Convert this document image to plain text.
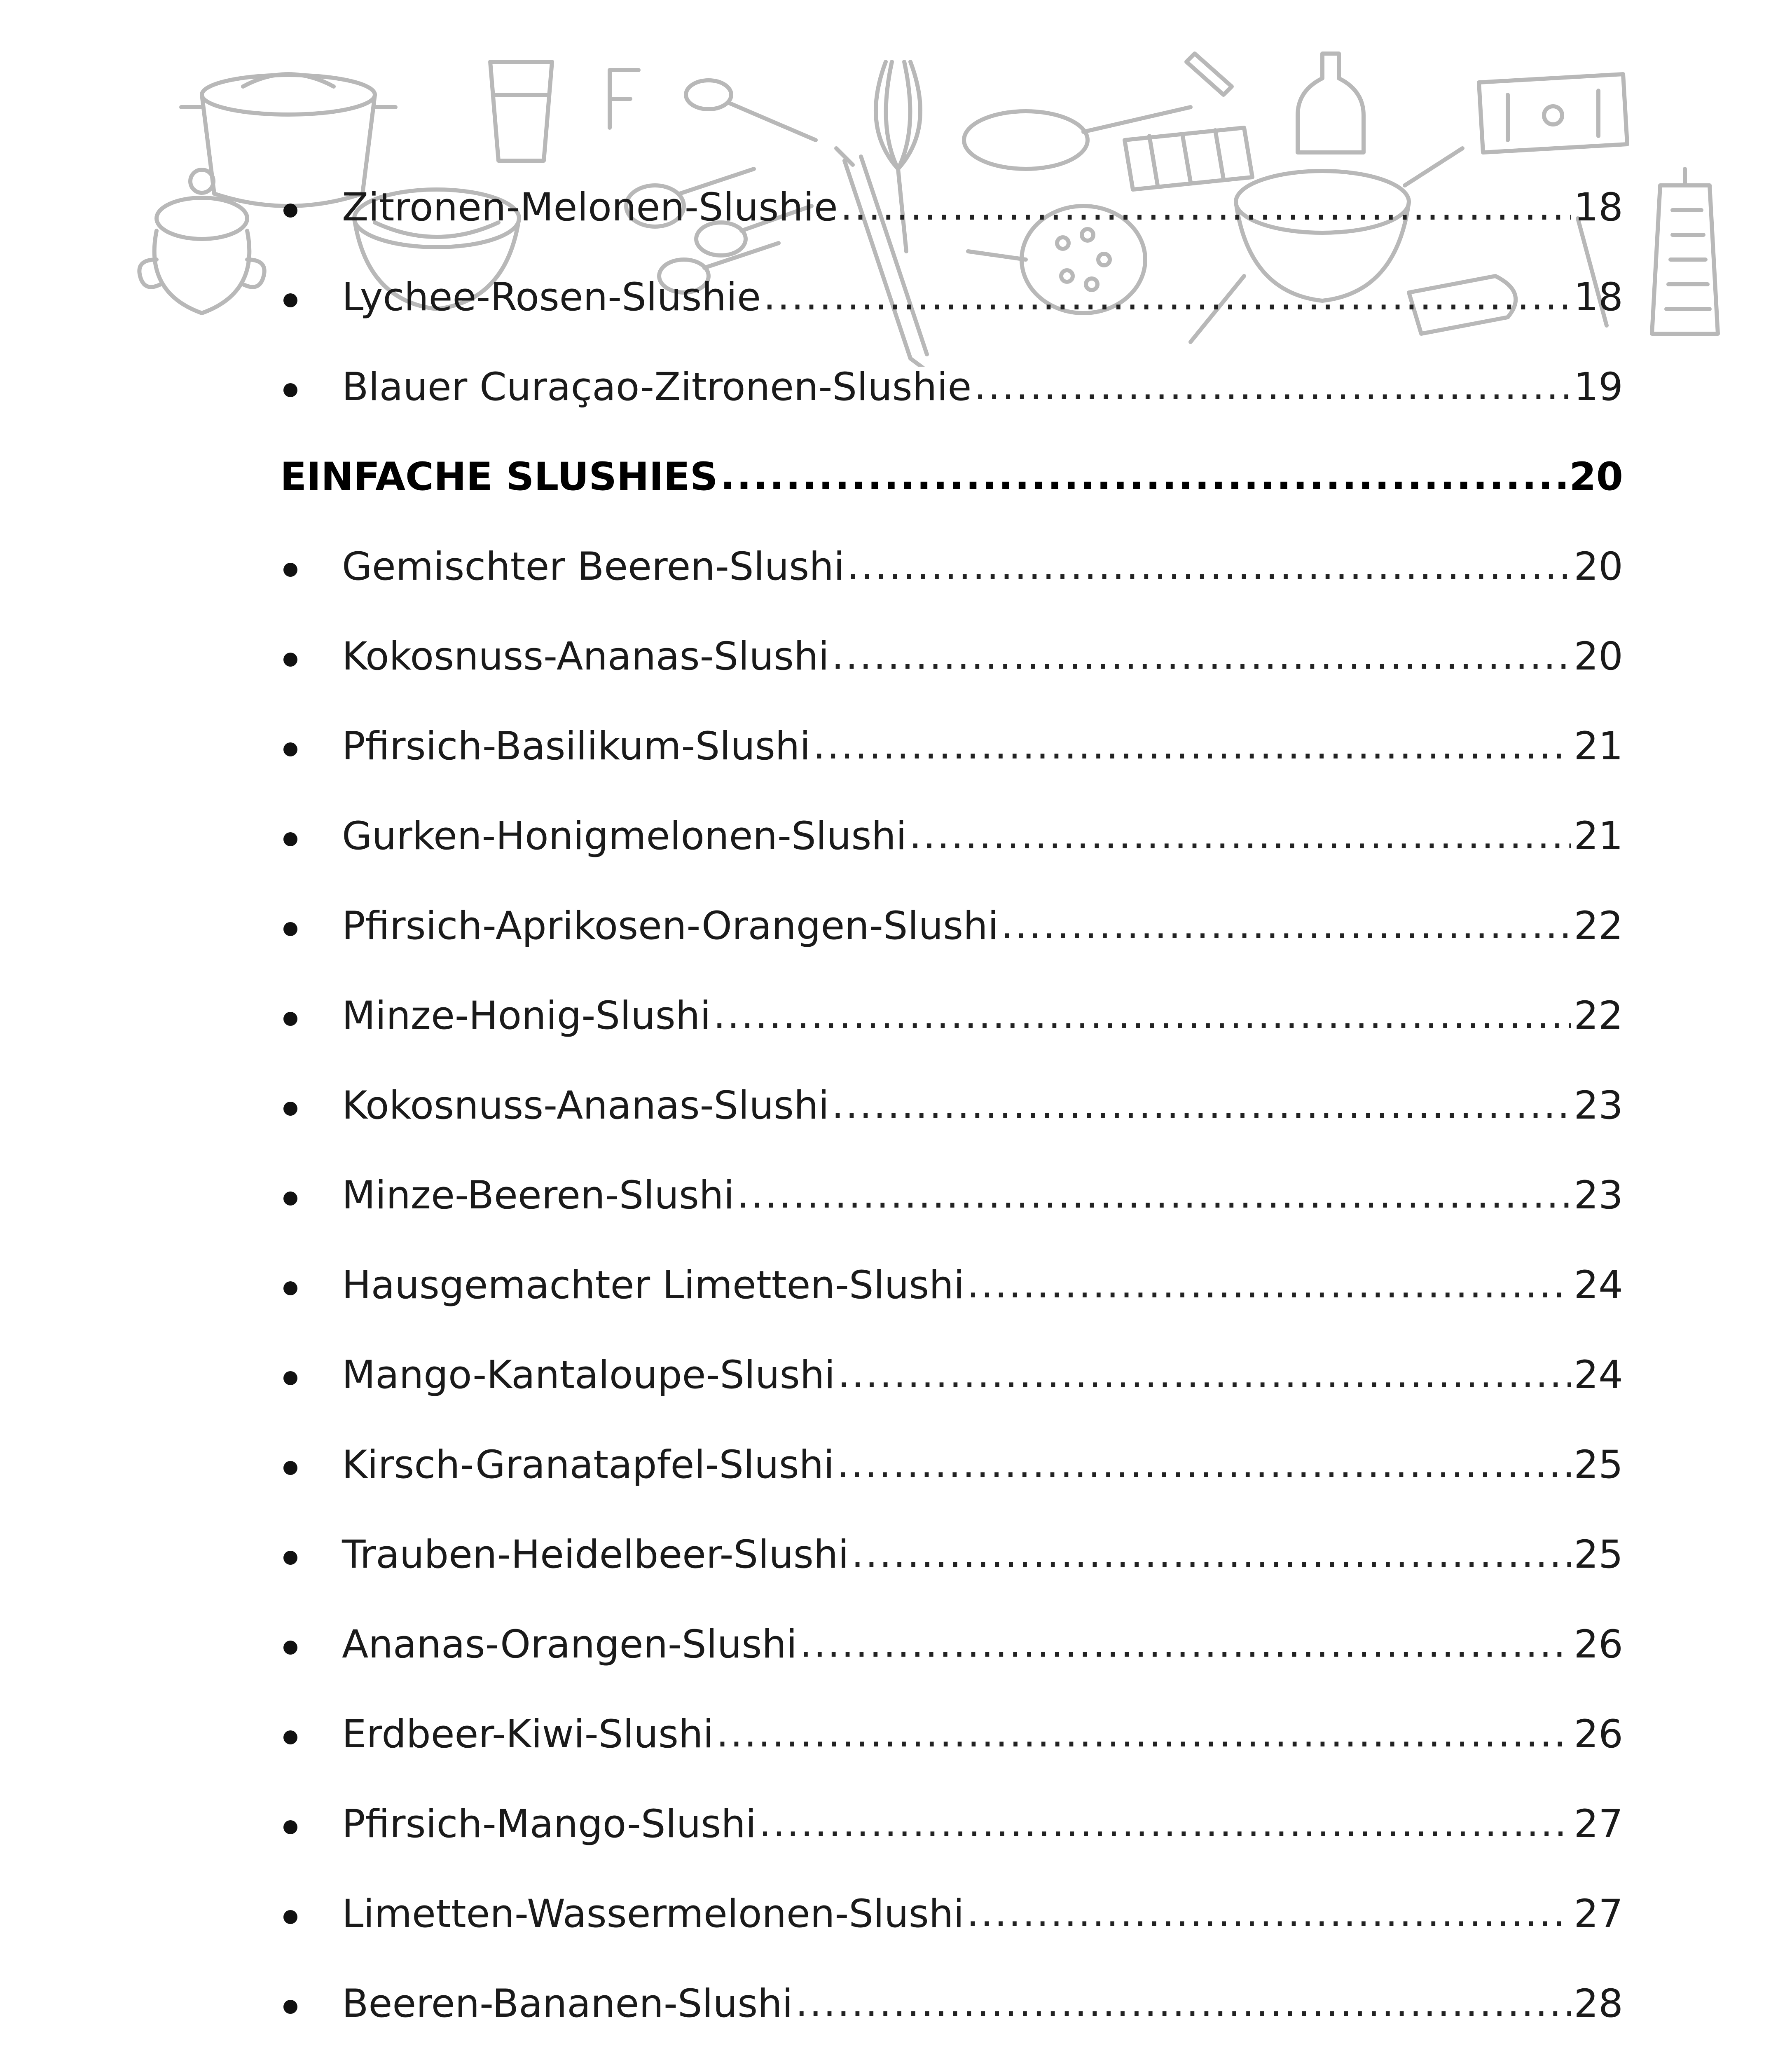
Zitronen-Melonen-Slushie .....	18
Lychee-Rosen-Slushie .....	18
Blauer Curaçao-Zitronen-Slushie .....	19
EINFACHE SLUSHIES .....	20
Gemischter Beeren-Slushi .....	20
Kokosnuss-Ananas-Slushi .....	20
Pfirsich-Basilikum-Slushi .....	21
Gurken-Honigmelonen-Slushi .....	21
Pfirsich-Aprikosen-Orangen-Slushi .....	22
Minze-Honig-Slushi .....	22
Kokosnuss-Ananas-Slushi .....	23
Minze-Beeren-Slushi .....	23
Hausgemachter Limetten-Slushi .....	24
Mango-Kantaloupe-Slushi .....	24
Kirsch-Granatapfel-Slushi .....	25
Trauben-Heidelbeer-Slushi .....	25
Ananas-Orangen-Slushi .....	26
Erdbeer-Kiwi-Slushi .....	26
Pfirsich-Mango-Slushi .....	27
Limetten-Wassermelonen-Slushi .....	27
Beeren-Bananen-Slushi .....	28
